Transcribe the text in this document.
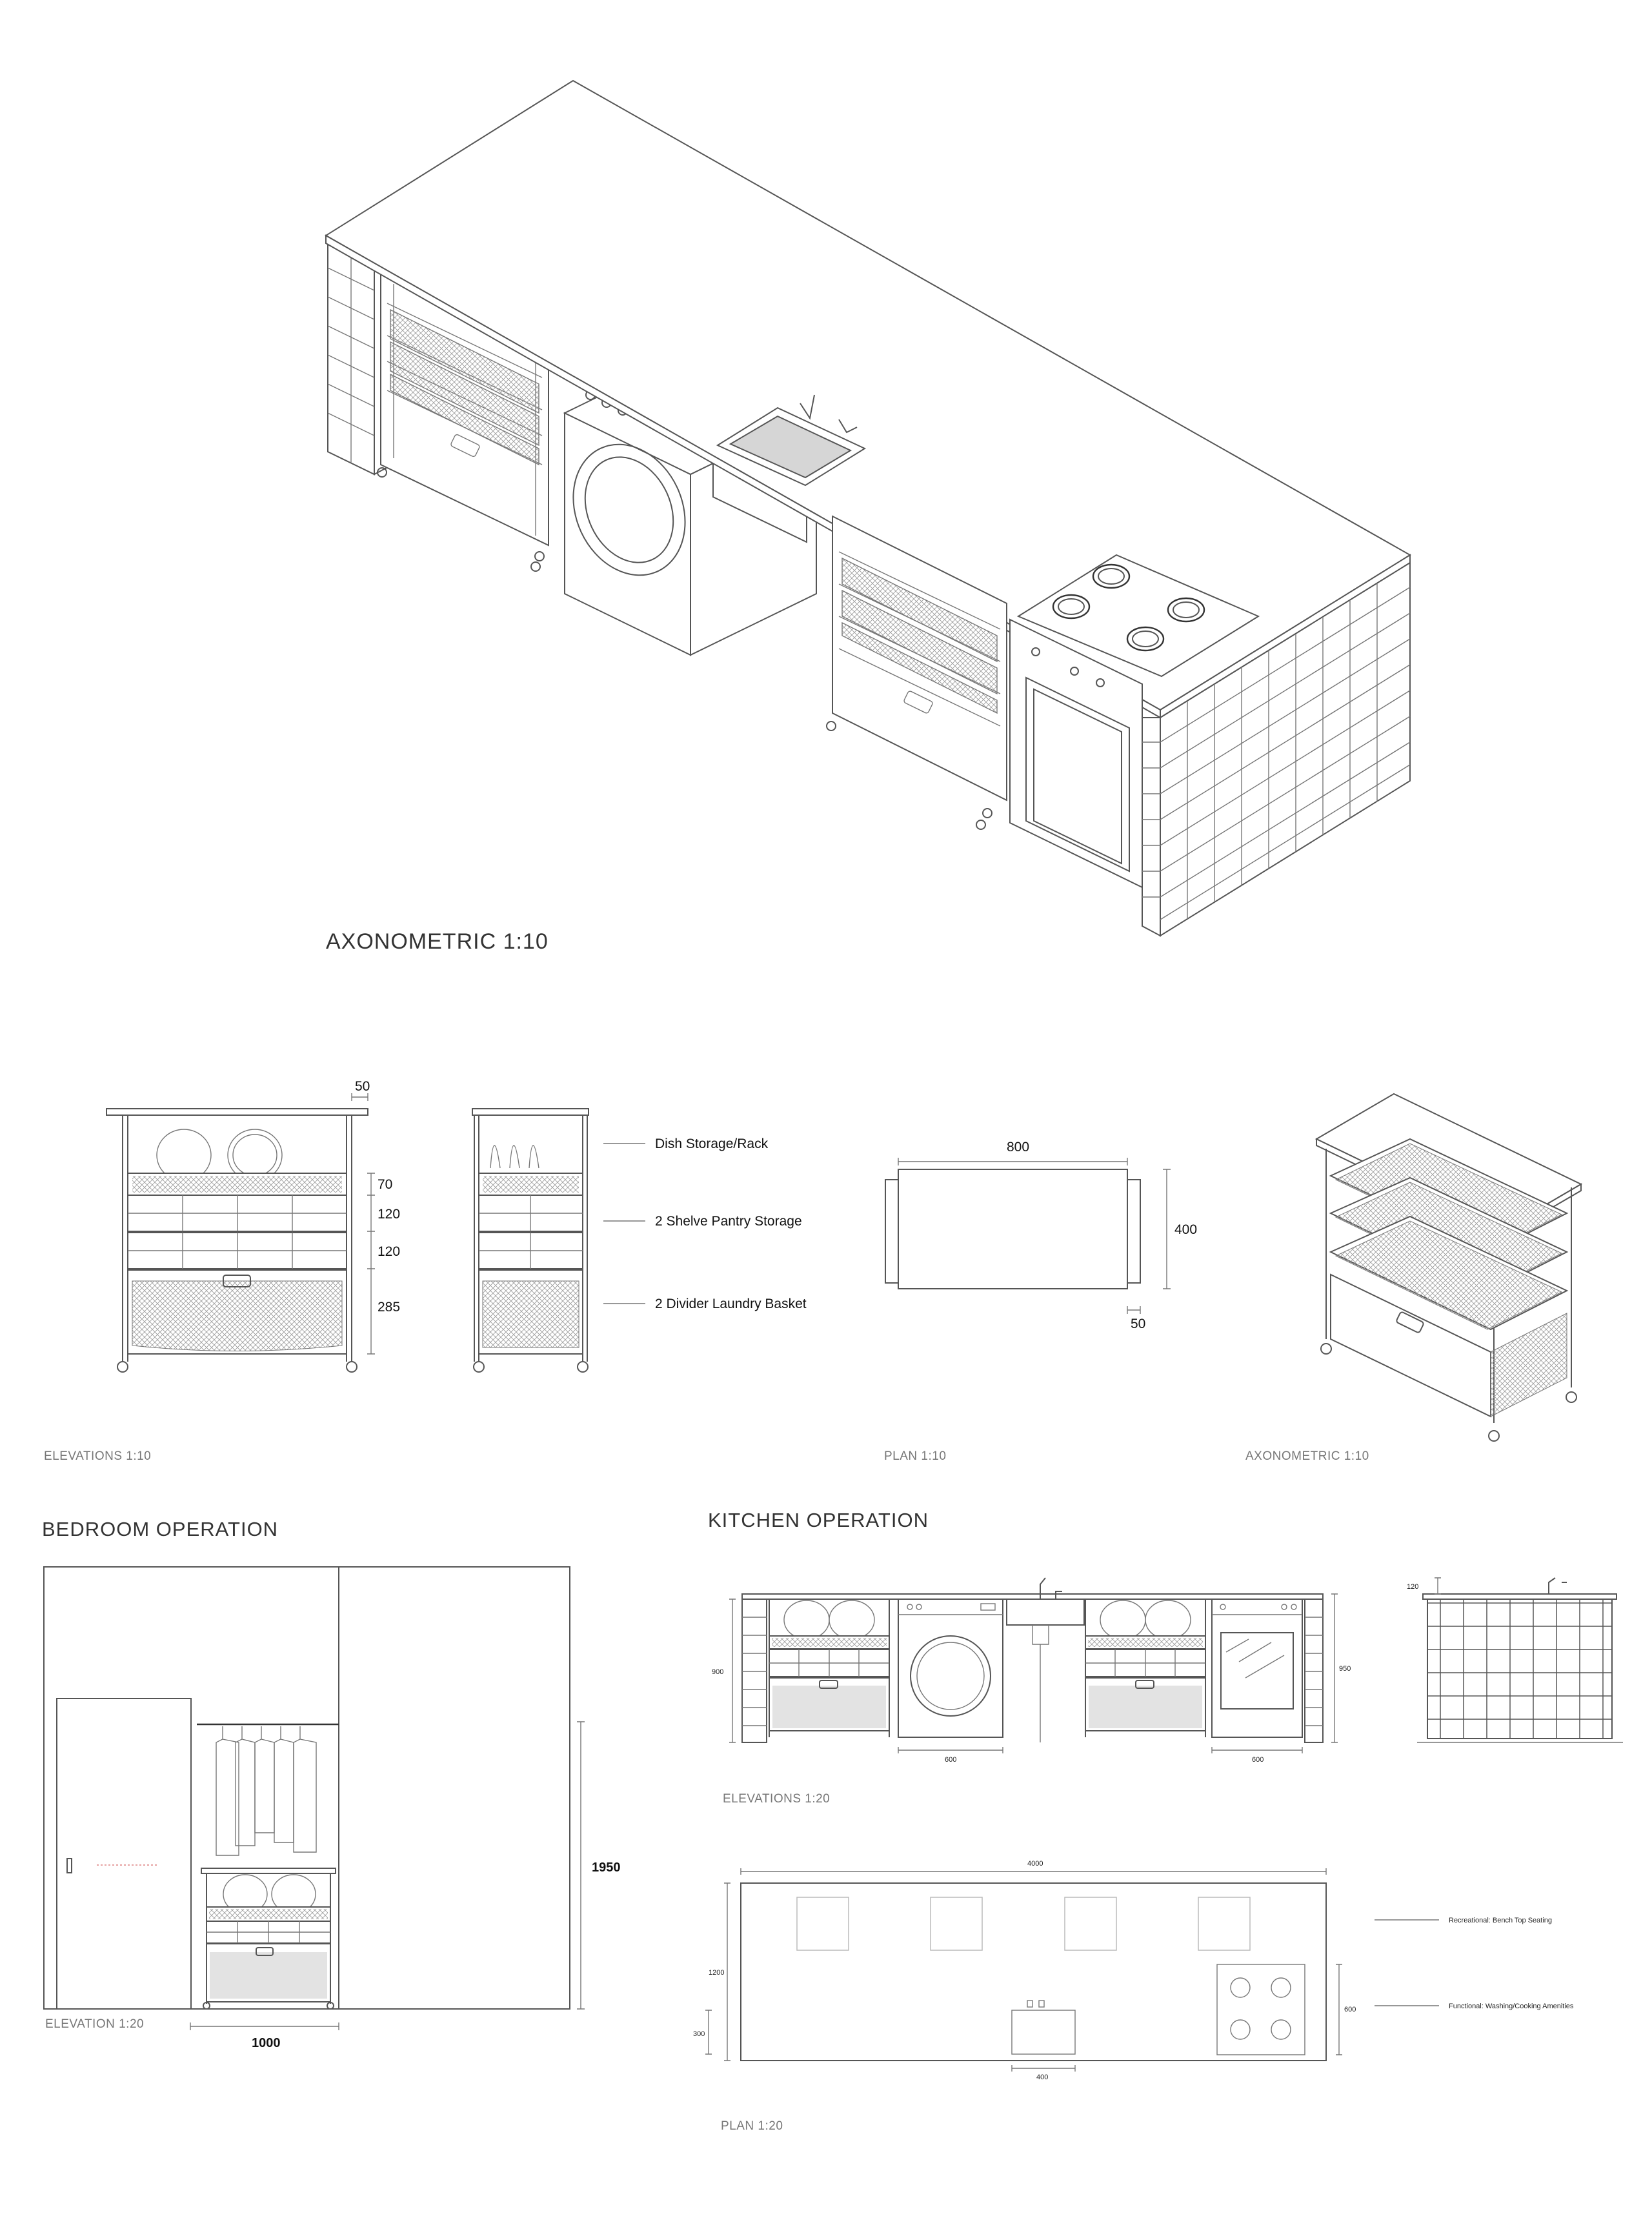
AXONOMETRIC 1:10
50
70
120
120
285
Dish Storage/Rack
2 Shelve Pantry Storage
2 Divider Laundry Basket
800
400
50
ELEVATIONS 1:10	PLAN 1:10	AXONOMETRIC 1:10
BEDROOM OPERATION
1950
1000
ELEVATION 1:20
KITCHEN OPERATION
900	950
600	600
120
ELEVATIONS 1:20
4000
1200
300
400
600
Recreational: Bench Top Seating
Functional: Washing/Cooking Amenities
PLAN 1:20
